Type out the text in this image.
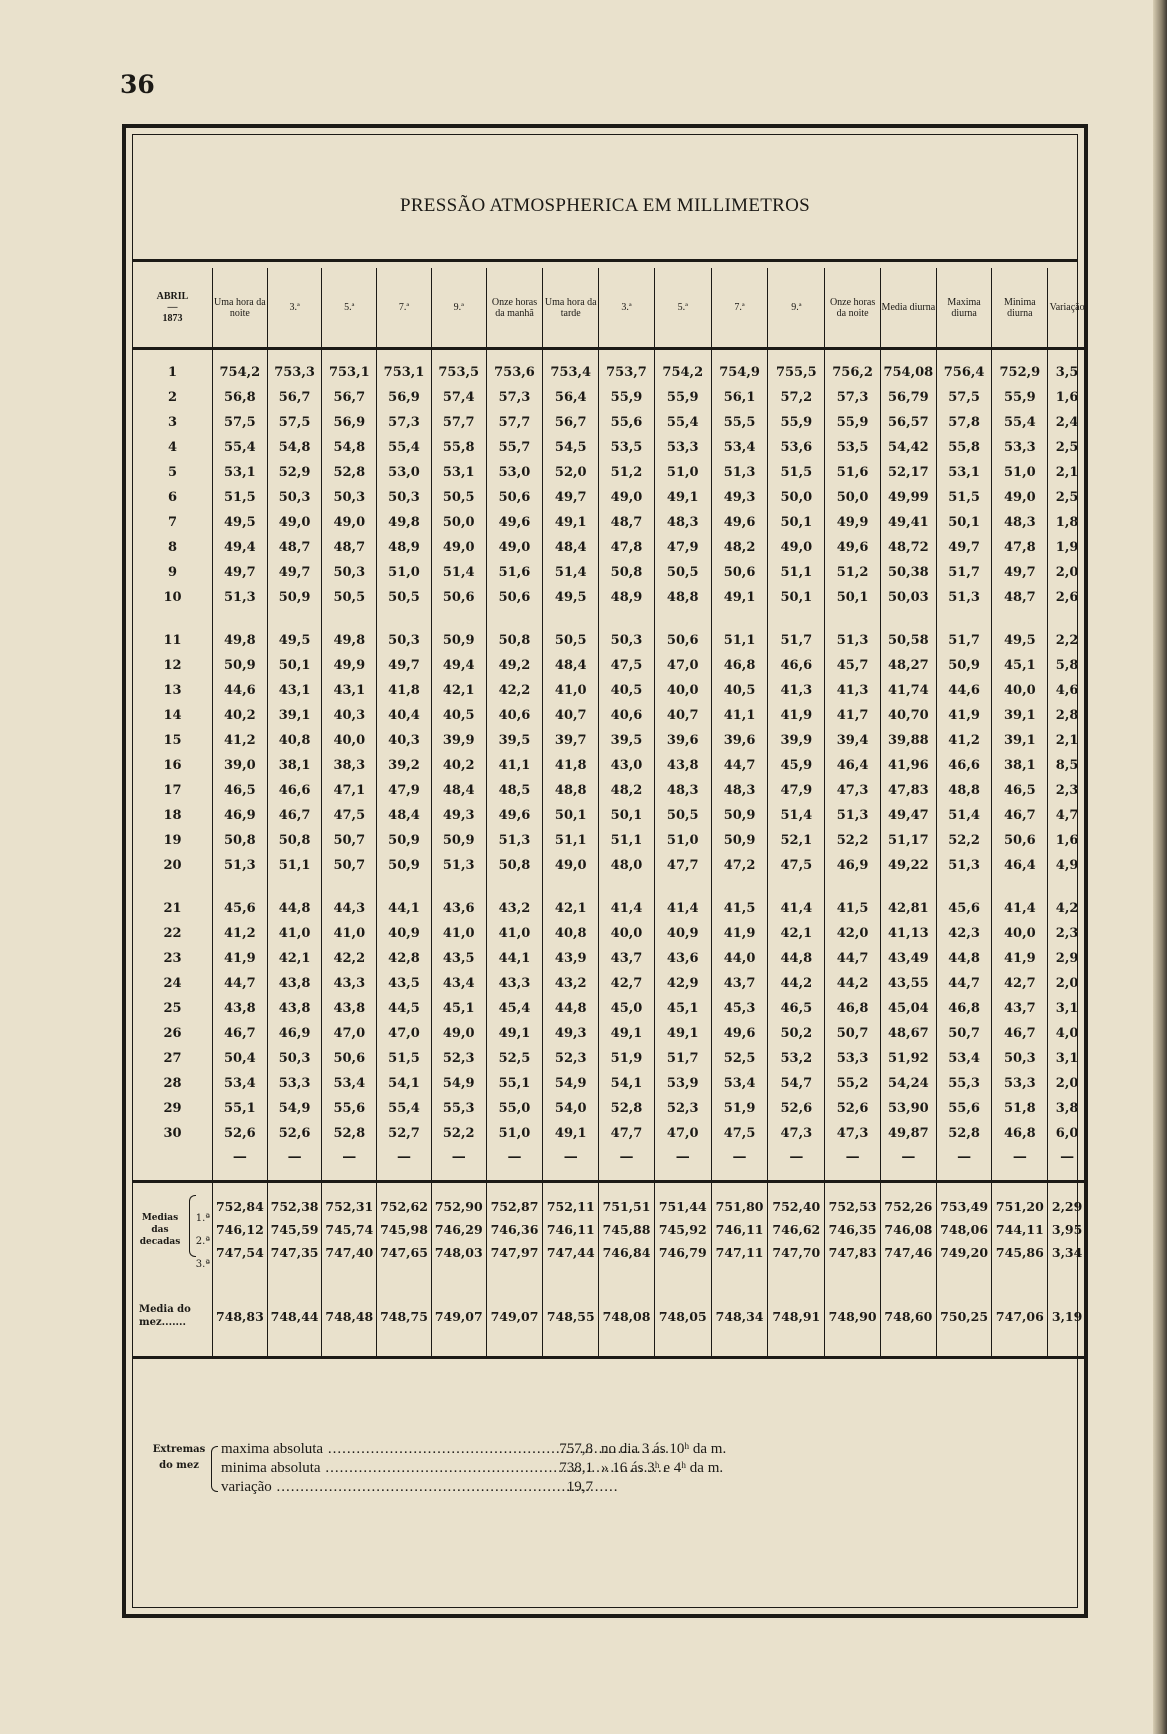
36
PRESSÃO ATMOSPHERICA EM MILLIMETROS
ABRIL
—
1873	Uma hora da noite	3.ª	5.ª	7.ª	9.ª	Onze horas da manhã	Uma hora da tarde	3.ª	5.ª	7.ª	9.ª	Onze horas da noite	Media diurna	Maxima diurna	Minima diurna	Variação
1	754,2	753,3	753,1	753,1	753,5	753,6	753,4	753,7	754,2	754,9	755,5	756,2	754,08	756,4	752,9	3,5
2	56,8	56,7	56,7	56,9	57,4	57,3	56,4	55,9	55,9	56,1	57,2	57,3	56,79	57,5	55,9	1,6
3	57,5	57,5	56,9	57,3	57,7	57,7	56,7	55,6	55,4	55,5	55,9	55,9	56,57	57,8	55,4	2,4
4	55,4	54,8	54,8	55,4	55,8	55,7	54,5	53,5	53,3	53,4	53,6	53,5	54,42	55,8	53,3	2,5
5	53,1	52,9	52,8	53,0	53,1	53,0	52,0	51,2	51,0	51,3	51,5	51,6	52,17	53,1	51,0	2,1
6	51,5	50,3	50,3	50,3	50,5	50,6	49,7	49,0	49,1	49,3	50,0	50,0	49,99	51,5	49,0	2,5
7	49,5	49,0	49,0	49,8	50,0	49,6	49,1	48,7	48,3	49,6	50,1	49,9	49,41	50,1	48,3	1,8
8	49,4	48,7	48,7	48,9	49,0	49,0	48,4	47,8	47,9	48,2	49,0	49,6	48,72	49,7	47,8	1,9
9	49,7	49,7	50,3	51,0	51,4	51,6	51,4	50,8	50,5	50,6	51,1	51,2	50,38	51,7	49,7	2,0
10	51,3	50,9	50,5	50,5	50,6	50,6	49,5	48,9	48,8	49,1	50,1	50,1	50,03	51,3	48,7	2,6
11	49,8	49,5	49,8	50,3	50,9	50,8	50,5	50,3	50,6	51,1	51,7	51,3	50,58	51,7	49,5	2,2
12	50,9	50,1	49,9	49,7	49,4	49,2	48,4	47,5	47,0	46,8	46,6	45,7	48,27	50,9	45,1	5,8
13	44,6	43,1	43,1	41,8	42,1	42,2	41,0	40,5	40,0	40,5	41,3	41,3	41,74	44,6	40,0	4,6
14	40,2	39,1	40,3	40,4	40,5	40,6	40,7	40,6	40,7	41,1	41,9	41,7	40,70	41,9	39,1	2,8
15	41,2	40,8	40,0	40,3	39,9	39,5	39,7	39,5	39,6	39,6	39,9	39,4	39,88	41,2	39,1	2,1
16	39,0	38,1	38,3	39,2	40,2	41,1	41,8	43,0	43,8	44,7	45,9	46,4	41,96	46,6	38,1	8,5
17	46,5	46,6	47,1	47,9	48,4	48,5	48,8	48,2	48,3	48,3	47,9	47,3	47,83	48,8	46,5	2,3
18	46,9	46,7	47,5	48,4	49,3	49,6	50,1	50,1	50,5	50,9	51,4	51,3	49,47	51,4	46,7	4,7
19	50,8	50,8	50,7	50,9	50,9	51,3	51,1	51,1	51,0	50,9	52,1	52,2	51,17	52,2	50,6	1,6
20	51,3	51,1	50,7	50,9	51,3	50,8	49,0	48,0	47,7	47,2	47,5	46,9	49,22	51,3	46,4	4,9
21	45,6	44,8	44,3	44,1	43,6	43,2	42,1	41,4	41,4	41,5	41,4	41,5	42,81	45,6	41,4	4,2
22	41,2	41,0	41,0	40,9	41,0	41,0	40,8	40,0	40,9	41,9	42,1	42,0	41,13	42,3	40,0	2,3
23	41,9	42,1	42,2	42,8	43,5	44,1	43,9	43,7	43,6	44,0	44,8	44,7	43,49	44,8	41,9	2,9
24	44,7	43,8	43,3	43,5	43,4	43,3	43,2	42,7	42,9	43,7	44,2	44,2	43,55	44,7	42,7	2,0
25	43,8	43,8	43,8	44,5	45,1	45,4	44,8	45,0	45,1	45,3	46,5	46,8	45,04	46,8	43,7	3,1
26	46,7	46,9	47,0	47,0	49,0	49,1	49,3	49,1	49,1	49,6	50,2	50,7	48,67	50,7	46,7	4,0
27	50,4	50,3	50,6	51,5	52,3	52,5	52,3	51,9	51,7	52,5	53,2	53,3	51,92	53,4	50,3	3,1
28	53,4	53,3	53,4	54,1	54,9	55,1	54,9	54,1	53,9	53,4	54,7	55,2	54,24	55,3	53,3	2,0
29	55,1	54,9	55,6	55,4	55,3	55,0	54,0	52,8	52,3	51,9	52,6	52,6	53,90	55,6	51,8	3,8
30	52,6	52,6	52,8	52,7	52,2	51,0	49,1	47,7	47,0	47,5	47,3	47,3	49,87	52,8	46,8	6,0
	—	—	—	—	—	—	—	—	—	—	—	—	—	—	—	—

1.ª	752,84	752,38	752,31	752,62	752,90	752,87	752,11	751,51	751,44	751,80	752,40	752,53	752,26	753,49	751,20	2,29

Medias das decadas 2.ª	746,12	745,59	745,74	745,98	746,29	746,36	746,11	745,88	745,92	746,11	746,62	746,35	746,08	748,06	744,11	3,95

3.ª	747,54	747,35	747,40	747,65	748,03	747,97	747,44	746,84	746,79	747,11	747,70	747,83	747,46	749,20	745,86	3,34
Media do mez.......	748,83	748,44	748,48	748,75	749,07	749,07	748,55	748,08	748,05	748,34	748,91	748,90	748,60	750,25	747,06	3,19
Extremas do mez
maxima absoluta .....	757,8 no dia 3 ás 10ʰ da m.
minima absoluta .....	738,1 » 16 ás 3ʰ e 4ʰ da m.
variação .....	19,7
